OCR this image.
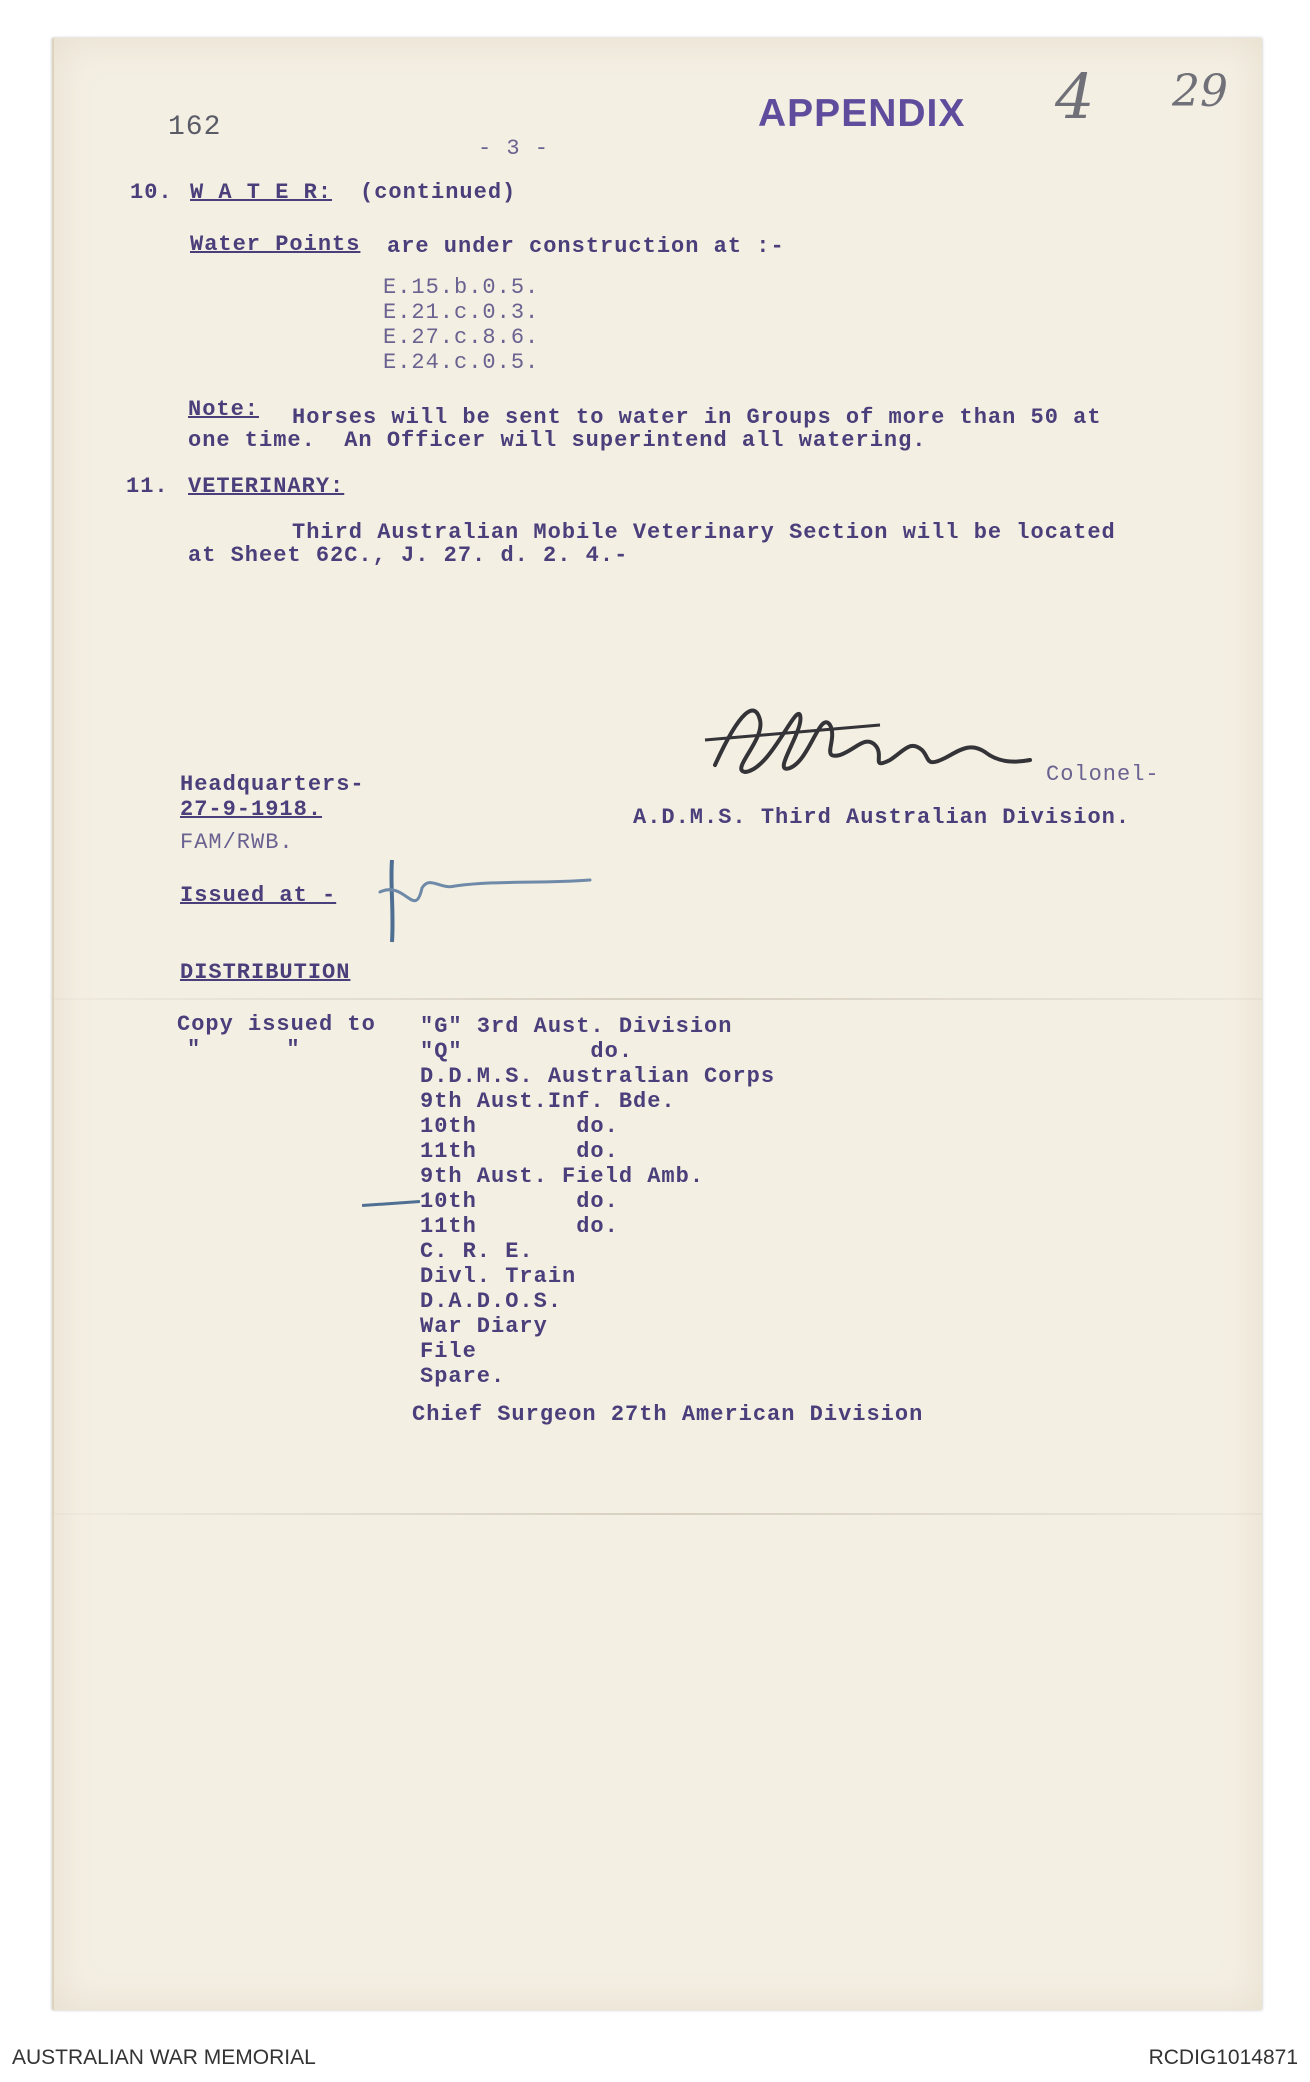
162	APPENDIX 4 29
- 3 -
10. W A T E R: (continued)
Water Points are under construction at :-
E.15.b.0.5.
E.21.c.0.3.
E.27.c.8.6.
E.24.c.0.5.
Note: Horses will be sent to water in Groups of more than 50 at
one time.  An Officer will superintend all watering.
11. VETERINARY:
Third Australian Mobile Veterinary Section will be located
at Sheet 62C., J. 27. d. 2. 4.-
Colonel-
A.D.M.S. Third Australian Division.
Headquarters-
27-9-1918.
FAM/RWB.
Issued at -
DISTRIBUTION
Copy issued to
"      "
"G" 3rd Aust. Division
"Q"         do.
D.D.M.S. Australian Corps
9th Aust.Inf. Bde.
10th       do.
11th       do.
9th Aust. Field Amb.
10th       do.
11th       do.
C. R. E.
Divl. Train
D.A.D.O.S.
War Diary
File
Spare.
Chief Surgeon 27th American Division
AUSTRALIAN WAR MEMORIAL	RCDIG1014871
